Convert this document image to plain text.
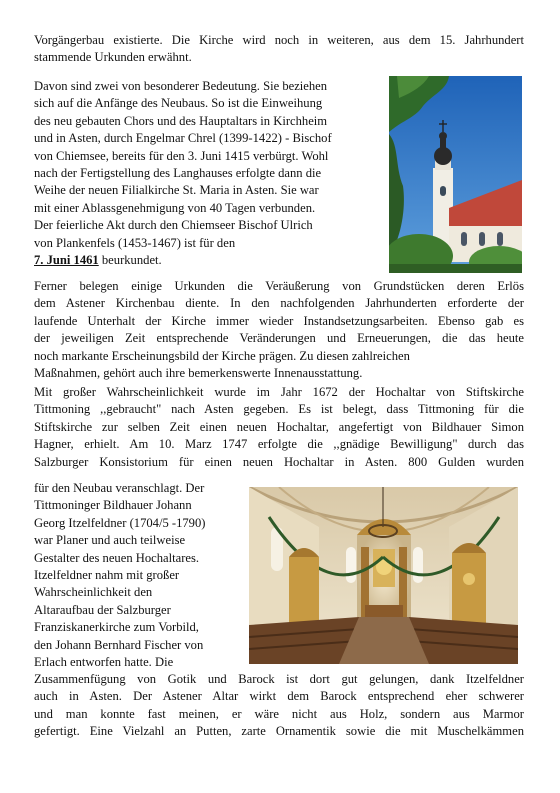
Vorgängerbau existierte. Die Kirche wird noch in weiteren, aus dem 15. Jahrhundert
stammende Urkunden erwähnt.
Davon sind zwei von besonderer Bedeutung. Sie beziehen
sich auf die Anfänge des Neubaus. So ist die Einweihung
des neu gebauten Chors und des Hauptaltars in Kirchheim
und in Asten, durch Engelmar Chrel (1399-1422) - Bischof
von Chiemsee, bereits für den 3. Juni 1415 verbürgt. Wohl
nach der Fertigstellung des Langhauses erfolgte dann die
Weihe der neuen Filialkirche St. Maria in Asten. Sie war
mit einer Ablassgenehmigung von 40 Tagen verbunden.
Der feierliche Akt durch den Chiemseer Bischof Ulrich
von Plankenfels (1453-1467) ist für den
7. Juni 1461 beurkundet.
Ferner belegen einige Urkunden die Veräußerung von Grundstücken deren Erlös
dem Astener Kirchenbau diente. In den nachfolgenden Jahrhunderten erforderte der
laufende Unterhalt der Kirche immer wieder Instandsetzungsarbeiten. Ebenso gab es
der jeweiligen Zeit entsprechende Veränderungen und Erneuerungen, die das heute
noch markante Erscheinungsbild der Kirche prägen. Zu diesen zahlreichen
Maßnahmen, gehört auch ihre bemerkenswerte Innenausstattung.
Mit großer Wahrscheinlichkeit wurde im Jahr 1672 der Hochaltar von Stiftskirche
Tittmoning ,,gebraucht" nach Asten gegeben. Es ist belegt, dass Tittmoning für die
Stiftskirche zur selben Zeit einen neuen Hochaltar, angefertigt von Bildhauer Simon
Hagner, erhielt. Am 10. Marz 1747 erfolgte die ,,gnädige Bewilligung" durch das
Salzburger Konsistorium für einen neuen Hochaltar in Asten. 800 Gulden wurden
für den Neubau veranschlagt. Der
Tittmoninger Bildhauer Johann
Georg Itzelfeldner (1704/5 -1790)
war Planer und auch teilweise
Gestalter des neuen Hochaltares.
Itzelfeldner nahm mit großer
Wahrscheinlichkeit den
Altaraufbau der Salzburger
Franziskanerkirche zum Vorbild,
den Johann Bernhard Fischer von
Erlach entworfen hatte. Die
Zusammenfügung von Gotik und Barock ist dort gut gelungen, dank Itzelfeldner
auch in Asten. Der Astener Altar wirkt dem Barock entsprechend eher schwerer
und man konnte fast meinen, er wäre nicht aus Holz, sondern aus Marmor
gefertigt. Eine Vielzahl an Putten, zarte Ornamentik sowie die mit Muschelkämmen
